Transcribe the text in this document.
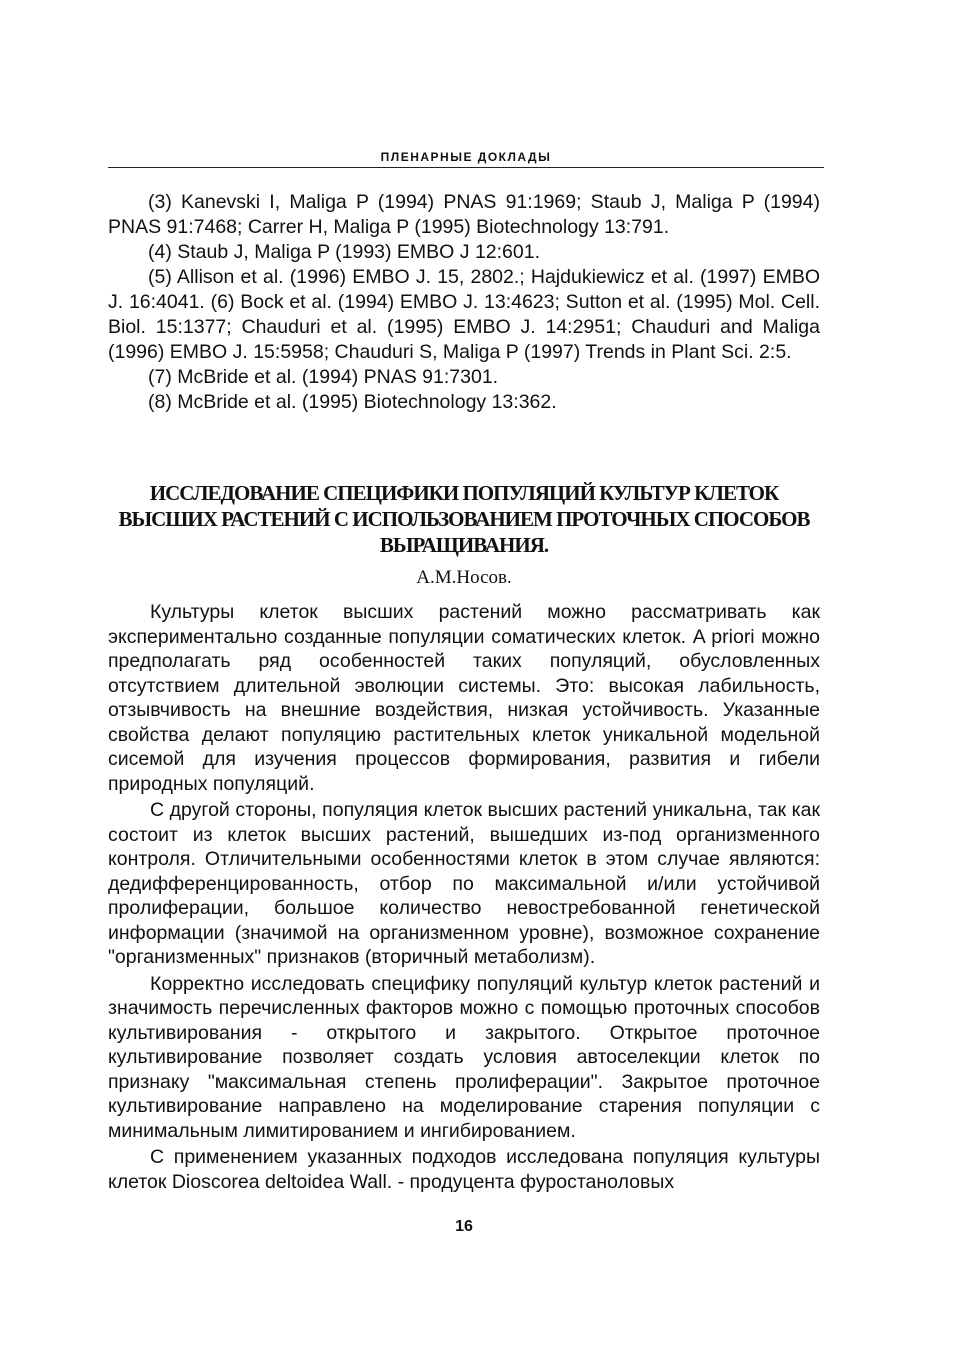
ПЛЕНАРНЫЕ ДОКЛАДЫ

(3) Kanevski I, Maliga P (1994) PNAS 91:1969; Staub J, Maliga P (1994) PNAS 91:7468; Carrer H, Maliga P (1995) Biotechnology 13:791.

(4) Staub J, Maliga P (1993) EMBO J 12:601.

(5) Allison et al. (1996) EMBO J. 15, 2802.; Hajdukiewicz et al. (1997) EMBO J. 16:4041. (6) Bock et al. (1994) EMBO J. 13:4623; Sutton et al. (1995) Mol. Cell. Biol. 15:1377; Chauduri et al. (1995) EMBO J. 14:2951; Chauduri and Maliga (1996) EMBO J. 15:5958; Chauduri S, Maliga P (1997) Trends in Plant Sci. 2:5.

(7) McBride et al. (1994) PNAS 91:7301.

(8) McBride et al. (1995) Biotechnology 13:362.

ИССЛЕДОВАНИЕ СПЕЦИФИКИ ПОПУЛЯЦИЙ КУЛЬТУР КЛЕТОК ВЫСШИХ РАСТЕНИЙ С ИСПОЛЬЗОВАНИЕМ ПРОТОЧНЫХ СПОСОБОВ ВЫРАЩИВАНИЯ.
А.М.Носов.

Культуры клеток высших растений можно рассматривать как экспериментально созданные популяции соматических клеток. A priori можно предполагать ряд особенностей таких популяций, обусловленных отсутствием длительной эволюции системы. Это: высокая лабильность, отзывчивость на внешние воздействия, низкая устойчивость. Указанные свойства делают популяцию растительных клеток уникальной модельной сисемой для изучения процессов формирования, развития и гибели природных популяций.

С другой стороны, популяция клеток высших растений уникальна, так как состоит из клеток высших растений, вышедших из-под организменного контроля. Отличительными особенностями клеток в этом случае являются: дедифференцированность, отбор по максимальной и/или устойчивой пролиферации, большое количество невостребованной генетической информации (значимой на организменном уровне), возможное сохранение "организменных" признаков (вторичный метаболизм).

Корректно исследовать специфику популяций культур клеток растений и значимость перечисленных факторов можно с помощью проточных способов культивирования - открытого и закрытого. Открытое проточное культивирование позволяет создать условия автоселекции клеток по признаку "максимальная степень пролиферации". Закрытое проточное культивирование направлено на моделирование старения популяции с минимальным лимитированием и ингибированием.

С применением указанных подходов исследована популяция культуры клеток Dioscorea deltoidea Wall. - продуцента фуростаноловых

16
